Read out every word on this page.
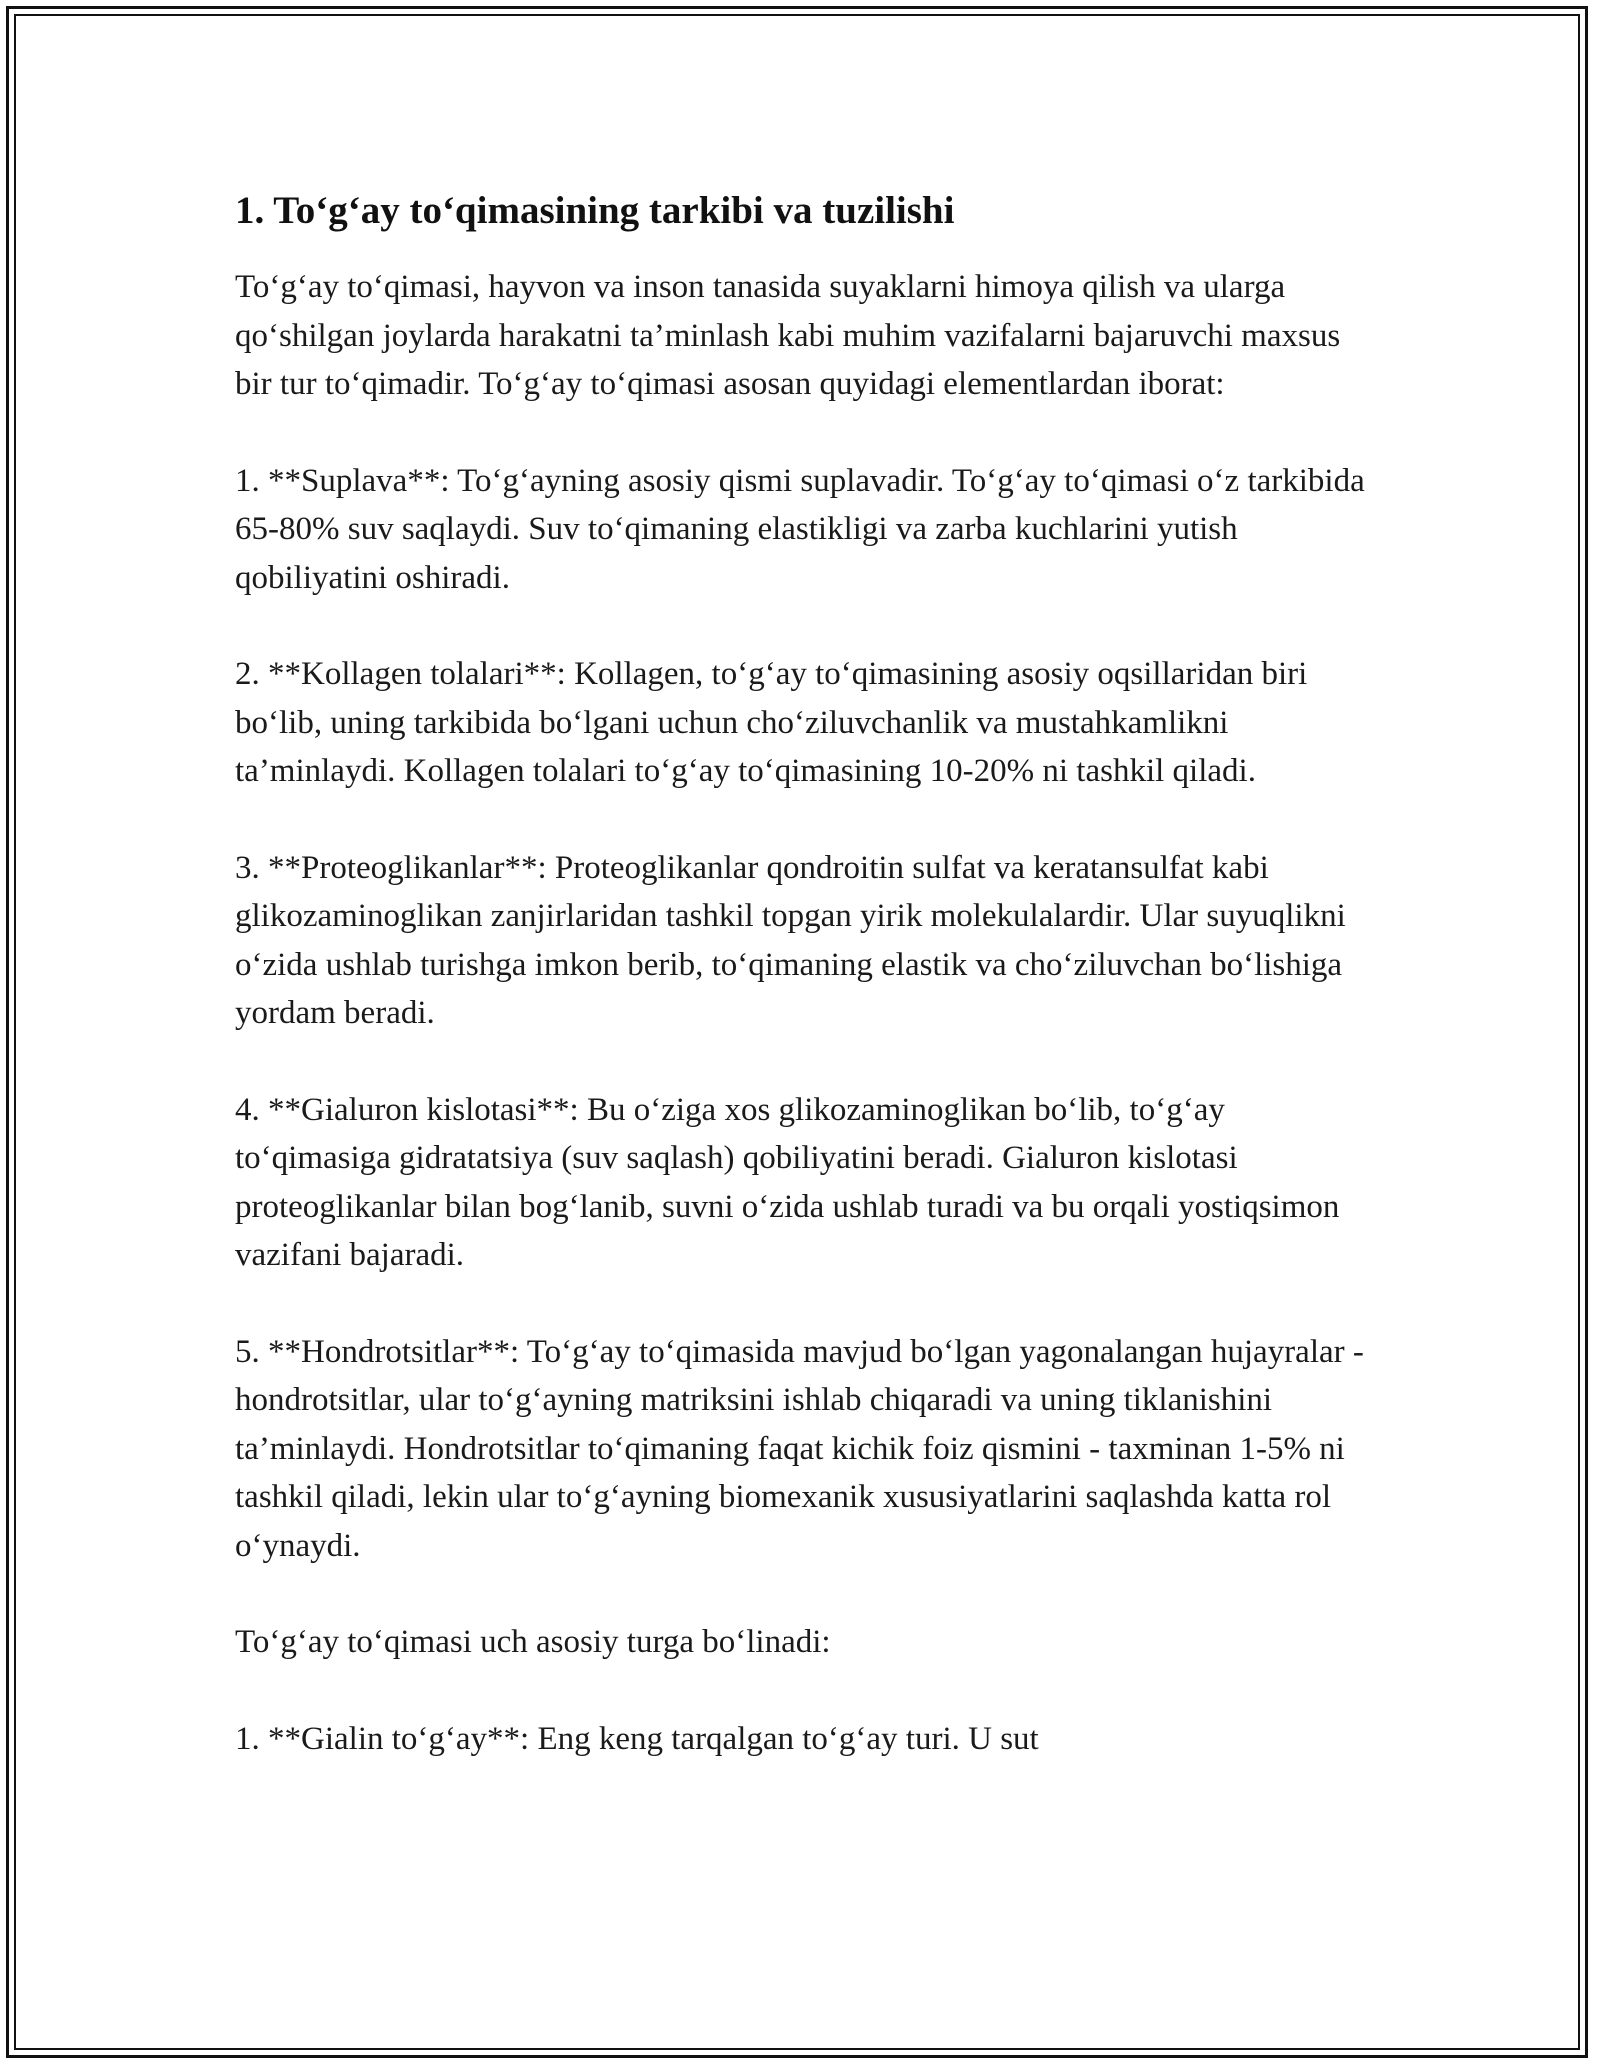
1. To‘g‘ay to‘qimasining tarkibi va tuzilishi

To‘g‘ay to‘qimasi, hayvon va inson tanasida suyaklarni himoya qilish va ularga qo‘shilgan joylarda harakatni ta’minlash kabi muhim vazifalarni bajaruvchi maxsus bir tur to‘qimadir. To‘g‘ay to‘qimasi asosan quyidagi elementlardan iborat:

1. **Suplava**: To‘g‘ayning asosiy qismi suplavadir. To‘g‘ay to‘qimasi o‘z tarkibida 65-80% suv saqlaydi. Suv to‘qimaning elastikligi va zarba kuchlarini yutish qobiliyatini oshiradi.

2. **Kollagen tolalari**: Kollagen, to‘g‘ay to‘qimasining asosiy oqsillaridan biri bo‘lib, uning tarkibida bo‘lgani uchun cho‘ziluvchanlik va mustahkamlikni ta’minlaydi. Kollagen tolalari to‘g‘ay to‘qimasining 10-20% ni tashkil qiladi.

3. **Proteoglikanlar**: Proteoglikanlar qondroitin sulfat va keratansulfat kabi glikozaminoglikan zanjirlaridan tashkil topgan yirik molekulalardir. Ular suyuqlikni o‘zida ushlab turishga imkon berib, to‘qimaning elastik va cho‘ziluvchan bo‘lishiga yordam beradi.

4. **Gialuron kislotasi**: Bu o‘ziga xos glikozaminoglikan bo‘lib, to‘g‘ay to‘qimasiga gidratatsiya (suv saqlash) qobiliyatini beradi. Gialuron kislotasi proteoglikanlar bilan bog‘lanib, suvni o‘zida ushlab turadi va bu orqali yostiqsimon vazifani bajaradi.

5. **Hondrotsitlar**: To‘g‘ay to‘qimasida mavjud bo‘lgan yagonalangan hujayralar - hondrotsitlar, ular to‘g‘ayning matriksini ishlab chiqaradi va uning tiklanishini ta’minlaydi. Hondrotsitlar to‘qimaning faqat kichik foiz qismini - taxminan 1-5% ni tashkil qiladi, lekin ular to‘g‘ayning biomexanik xususiyatlarini saqlashda katta rol o‘ynaydi.

To‘g‘ay to‘qimasi uch asosiy turga bo‘linadi:

1. **Gialin to‘g‘ay**: Eng keng tarqalgan to‘g‘ay turi. U sut
